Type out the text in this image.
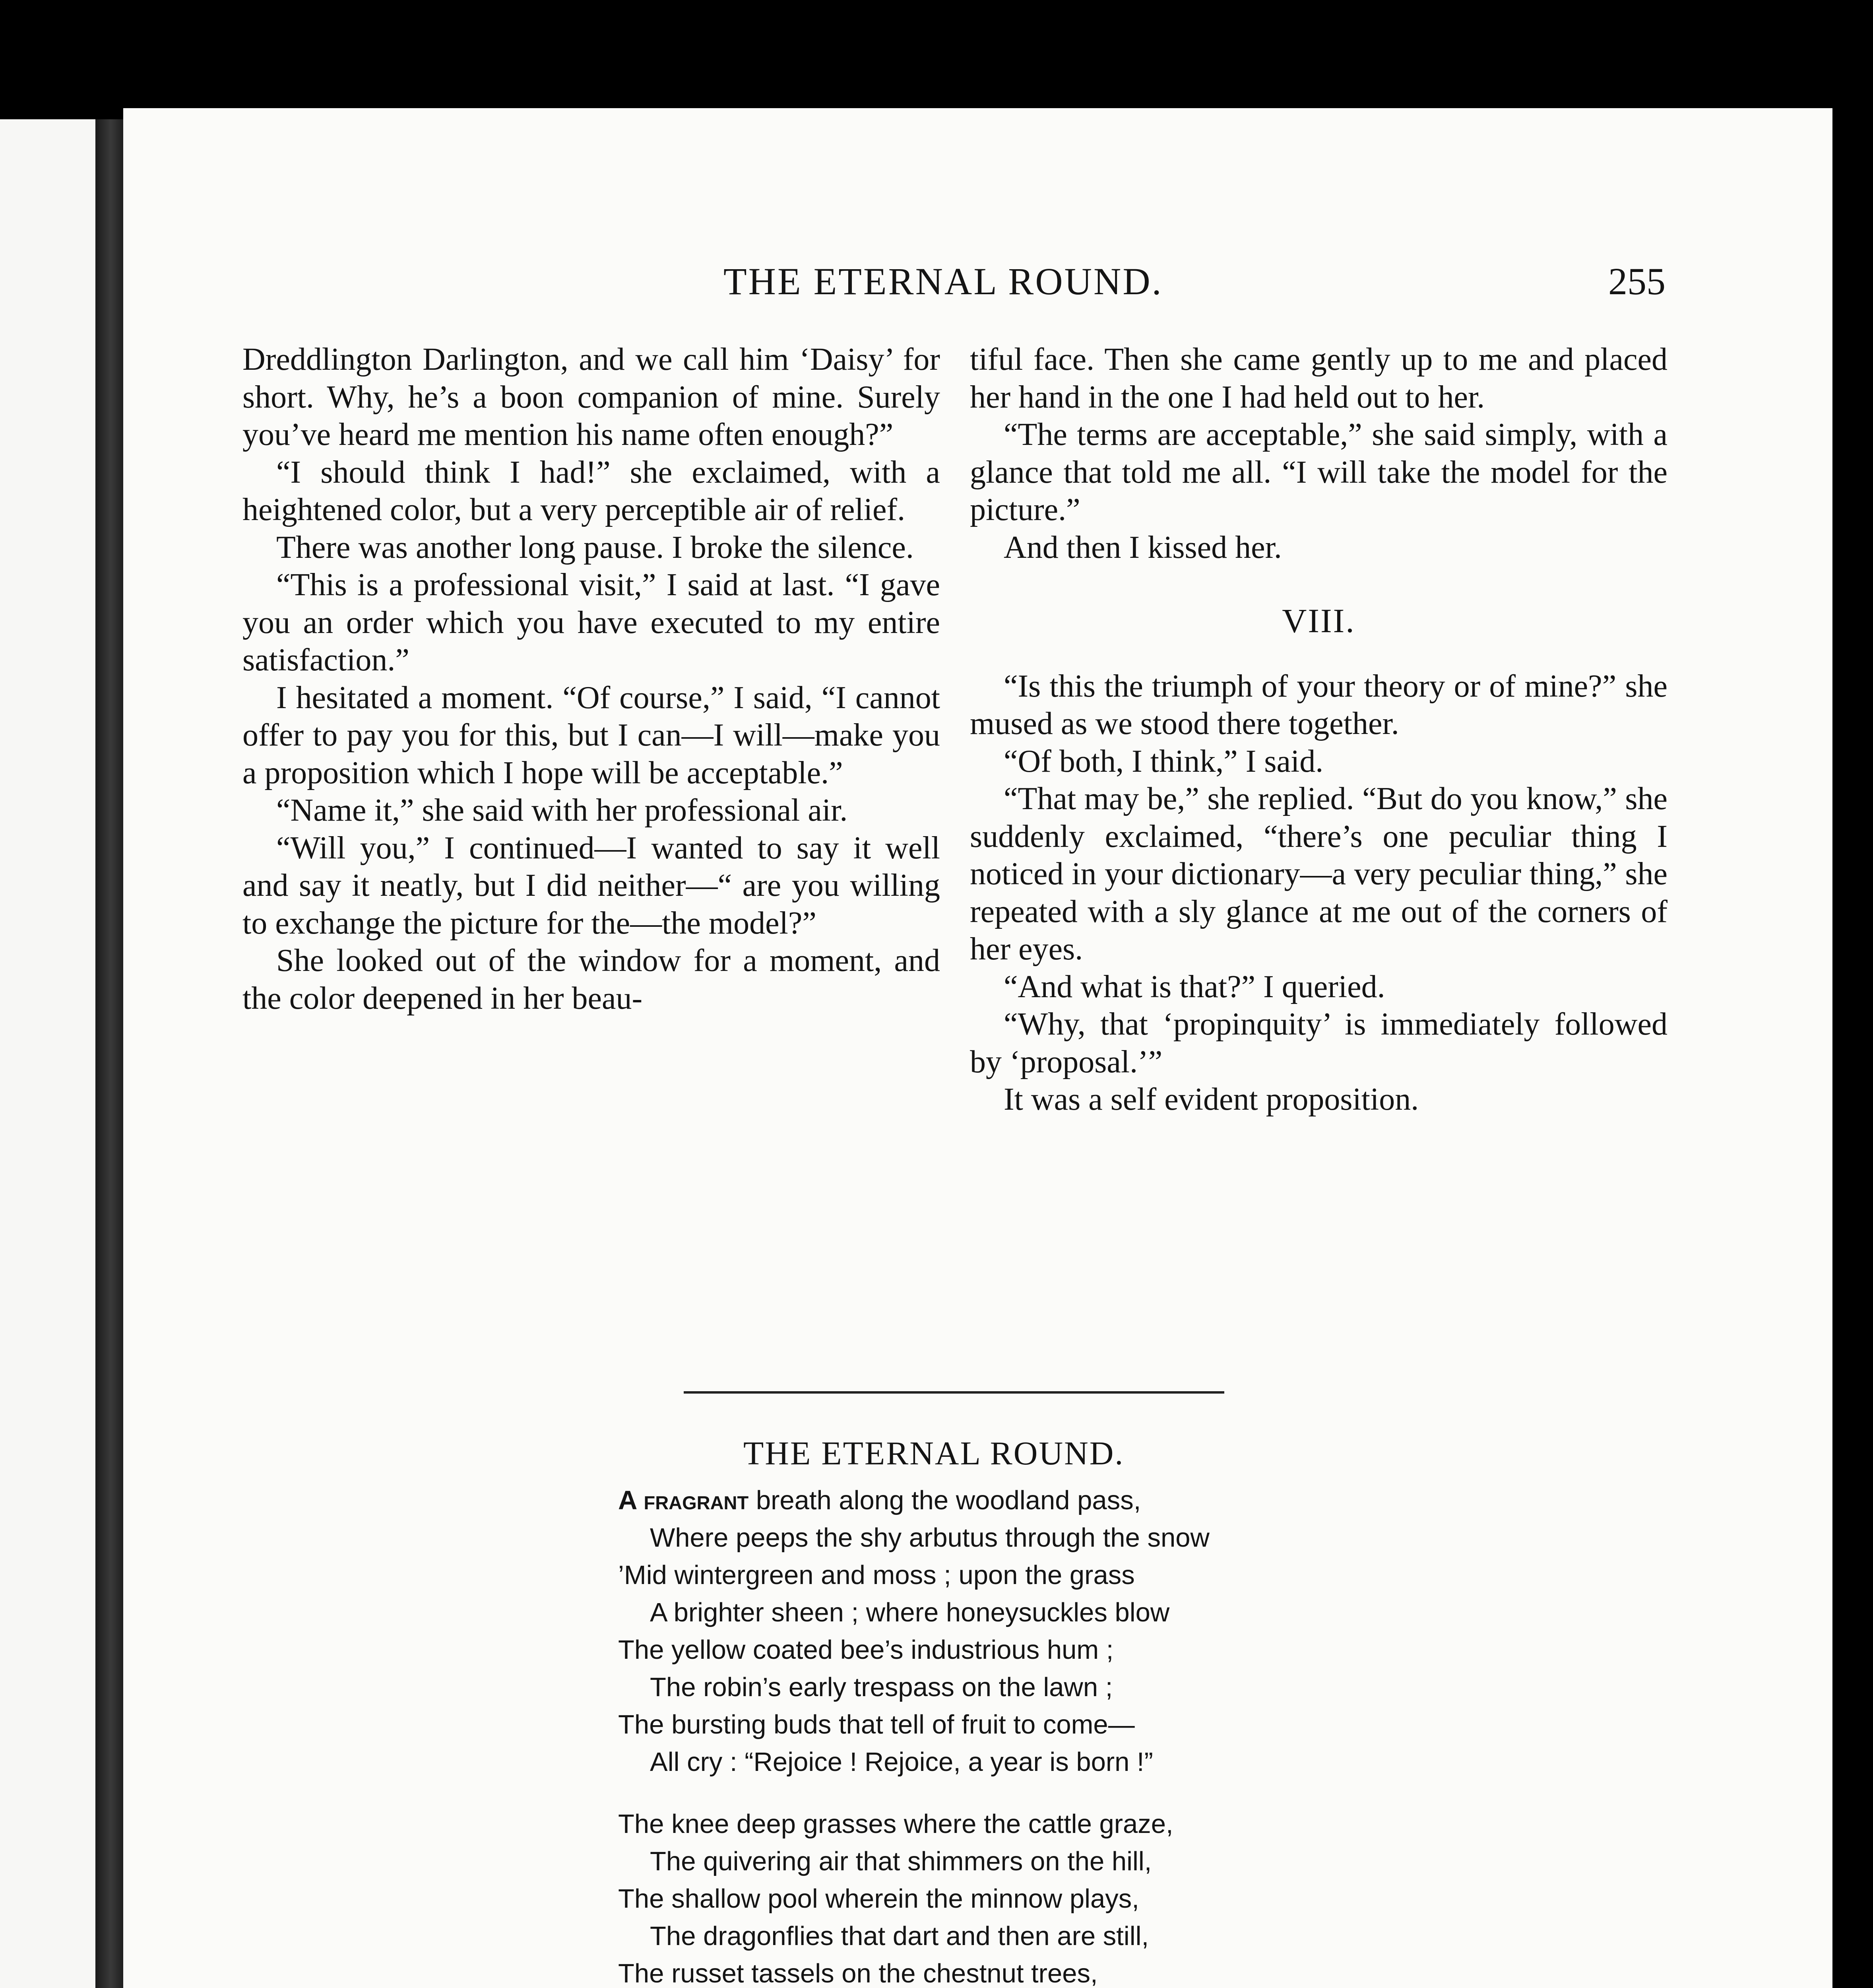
THE ETERNAL ROUND.	255

Dreddlington Darlington, and we call him ‘Daisy’ for short. Why, he’s a boon companion of mine. Surely you’ve heard me mention his name often enough?”

“I should think I had!” she exclaimed, with a heightened color, but a very perceptible air of relief.

There was another long pause. I broke the silence.

“This is a professional visit,” I said at last. “I gave you an order which you have executed to my entire satisfaction.”

I hesitated a moment. “Of course,” I said, “I cannot offer to pay you for this, but I can—I will—make you a proposition which I hope will be acceptable.”

“Name it,” she said with her professional air.

“Will you,” I continued—I wanted to say it well and say it neatly, but I did neither—“ are you willing to exchange the picture for the—the model?”

She looked out of the window for a moment, and the color deepened in her beau-

tiful face. Then she came gently up to me and placed her hand in the one I had held out to her.

“The terms are acceptable,” she said simply, with a glance that told me all. “I will take the model for the picture.”

And then I kissed her.

VIII.

“Is this the triumph of your theory or of mine?” she mused as we stood there together.

“Of both, I think,” I said.

“That may be,” she replied. “But do you know,” she suddenly exclaimed, “there’s one peculiar thing I noticed in your dictionary—a very peculiar thing,” she repeated with a sly glance at me out of the corners of her eyes.

“And what is that?” I queried.

“Why, that ‘propinquity’ is immediately followed by ‘proposal.’”

It was a self evident proposition.

THE ETERNAL ROUND.
A fragrant breath along the woodland pass,
Where peeps the shy arbutus through the snow
’Mid wintergreen and moss ; upon the grass
A brighter sheen ; where honeysuckles blow
The yellow coated bee’s industrious hum ;
The robin’s early trespass on the lawn ;
The bursting buds that tell of fruit to come—
All cry : “Rejoice ! Rejoice, a year is born !”
The knee deep grasses where the cattle graze,
The quivering air that shimmers on the hill,
The shallow pool wherein the minnow plays,
The dragonflies that dart and then are still,
The russet tassels on the chestnut trees,
